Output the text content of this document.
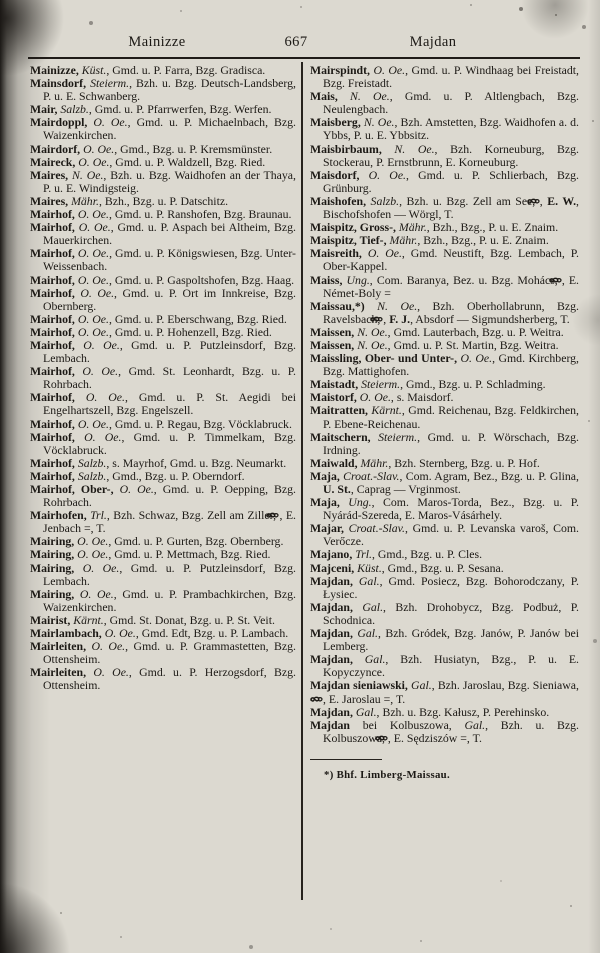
Mainizze	667	Majdan

Mainizze, Küst., Gmd. u. P. Farra, Bzg. Gradisca.

Mainsdorf, Steierm., Bzh. u. Bzg. Deutsch-Landsberg, P. u. E. Schwanberg.

Mair, Salzb., Gmd. u. P. Pfarrwerfen, Bzg. Werfen.

Mairdoppl, O. Oe., Gmd. u. P. Michaelnbach, Bzg. Waizenkirchen.

Mairdorf, O. Oe., Gmd., Bzg. u. P. Kremsmünster.

Maireck, O. Oe., Gmd. u. P. Waldzell, Bzg. Ried.

Maires, N. Oe., Bzh. u. Bzg. Waidhofen an der Thaya, P. u. E. Windigsteig.

Maires, Mähr., Bzh., Bzg. u. P. Datschitz.

Mairhof, O. Oe., Gmd. u. P. Ranshofen, Bzg. Braunau.

Mairhof, O. Oe., Gmd. u. P. Aspach bei Altheim, Bzg. Mauerkirchen.

Mairhof, O. Oe., Gmd. u. P. Königswiesen, Bzg. Unter-Weissenbach.

Mairhof, O. Oe., Gmd. u. P. Gaspoltshofen, Bzg. Haag.

Mairhof, O. Oe., Gmd. u. P. Ort im Innkreise, Bzg. Obernberg.

Mairhof, O. Oe., Gmd. u. P. Eberschwang, Bzg. Ried.

Mairhof, O. Oe., Gmd. u. P. Hohenzell, Bzg. Ried.

Mairhof, O. Oe., Gmd. u. P. Putzleinsdorf, Bzg. Lembach.

Mairhof, O. Oe., Gmd. St. Leonhardt, Bzg. u. P. Rohrbach.

Mairhof, O. Oe., Gmd. u. P. St. Aegidi bei Engelhartszell, Bzg. Engelszell.

Mairhof, O. Oe., Gmd. u. P. Regau, Bzg. Vöcklabruck.

Mairhof, O. Oe., Gmd. u. P. Timmelkam, Bzg. Vöcklabruck.

Mairhof, Salzb., s. Mayrhof, Gmd. u. Bzg. Neumarkt.

Mairhof, Salzb., Gmd., Bzg. u. P. Oberndorf.

Mairhof, Ober-, O. Oe., Gmd. u. P. Oepping, Bzg. Rohrbach.

Mairhofen, Trl., Bzh. Schwaz, Bzg. Zell am Ziller, , E. Jenbach =, T.

Mairing, O. Oe., Gmd. u. P. Gurten, Bzg. Obernberg.

Mairing, O. Oe., Gmd. u. P. Mettmach, Bzg. Ried.

Mairing, O. Oe., Gmd. u. P. Putzleinsdorf, Bzg. Lembach.

Mairing, O. Oe., Gmd. u. P. Prambachkirchen, Bzg. Waizenkirchen.

Mairist, Kärnt., Gmd. St. Donat, Bzg. u. P. St. Veit.

Mairlambach, O. Oe., Gmd. Edt, Bzg. u. P. Lambach.

Mairleiten, O. Oe., Gmd. u. P. Grammastetten, Bzg. Ottensheim.

Mairleiten, O. Oe., Gmd. u. P. Herzogsdorf, Bzg. Ottensheim.

Mairspindt, O. Oe., Gmd. u. P. Windhaag bei Freistadt, Bzg. Freistadt.

Mais, N. Oe., Gmd. u. P. Altlengbach, Bzg. Neulengbach.

Maisberg, N. Oe., Bzh. Amstetten, Bzg. Waidhofen a. d. Ybbs, P. u. E. Ybbsitz.

Maisbirbaum, N. Oe., Bzh. Korneuburg, Bzg. Stockerau, P. Ernstbrunn, E. Korneuburg.

Maisdorf, O. Oe., Gmd. u. P. Schlierbach, Bzg. Grünburg.

Maishofen, Salzb., Bzh. u. Bzg. Zell am See, , E. W., Bischofshofen — Wörgl, T.

Maispitz, Gross-, Mähr., Bzh., Bzg., P. u. E. Znaim.

Maispitz, Tief-, Mähr., Bzh., Bzg., P. u. E. Znaim.

Maisreith, O. Oe., Gmd. Neustift, Bzg. Lembach, P. Ober-Kappel.

Maiss, Ung., Com. Baranya, Bez. u. Bzg. Mohács, , E. Német-Boly =

Maissau,*) N. Oe., Bzh. Oberhollabrunn, Bzg. Ravelsbach, , F. J., Absdorf — Sigmundsherberg, T.

Maissen, N. Oe., Gmd. Lauterbach, Bzg. u. P. Weitra.

Maissen, N. Oe., Gmd. u. P. St. Martin, Bzg. Weitra.

Maissling, Ober- und Unter-, O. Oe., Gmd. Kirchberg, Bzg. Mattighofen.

Maistadt, Steierm., Gmd., Bzg. u. P. Schladming.

Maistorf, O. Oe., s. Maisdorf.

Maitratten, Kärnt., Gmd. Reichenau, Bzg. Feldkirchen, P. Ebene-Reichenau.

Maitschern, Steierm., Gmd. u. P. Wörschach, Bzg. Irdning.

Maiwald, Mähr., Bzh. Sternberg, Bzg. u. P. Hof.

Maja, Croat.-Slav., Com. Agram, Bez., Bzg. u. P. Glina, U. St., Caprag — Vrginmost.

Maja, Ung., Com. Maros-Torda, Bez., Bzg. u. P. Nyárád-Szereda, E. Maros-Vásárhely.

Majar, Croat.-Slav., Gmd. u. P. Levanska varoš, Com. Verőcze.

Majano, Trl., Gmd., Bzg. u. P. Cles.

Majceni, Küst., Gmd., Bzg. u. P. Sesana.

Majdan, Gal., Gmd. Posiecz, Bzg. Bohorodczany, P. Łysiec.

Majdan, Gal., Bzh. Drohobycz, Bzg. Podbuż, P. Schodnica.

Majdan, Gal., Bzh. Gródek, Bzg. Janów, P. Janów bei Lemberg.

Majdan, Gal., Bzh. Husiatyn, Bzg., P. u. E. Kopyczynce.

Majdan sieniawski, Gal., Bzh. Jaroslau, Bzg. Sieniawa, , E. Jaroslau =, T.

Majdan, Gal., Bzh. u. Bzg. Kałusz, P. Perehinsko.

Majdan bei Kolbuszowa, Gal., Bzh. u. Bzg. Kolbuszowa, , E. Sędziszów =, T.

*) Bhf. Limberg-Maissau.
